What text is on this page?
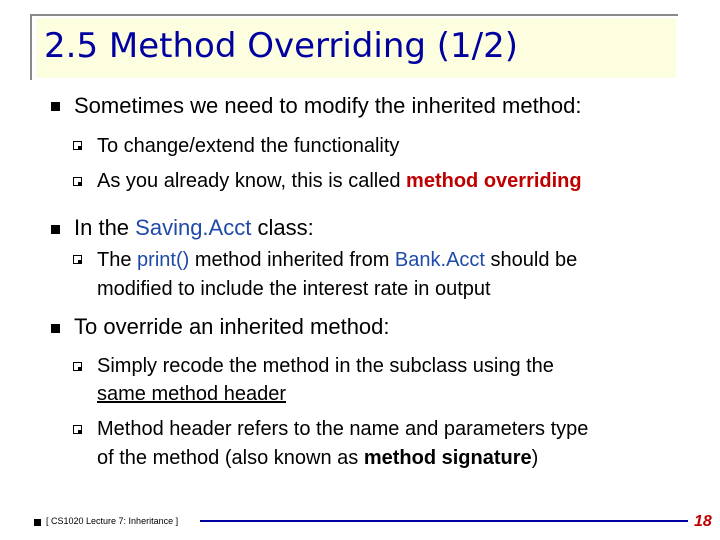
2.5 Method Overriding (1/2)
Sometimes we need to modify the inherited method:
To change/extend the functionality
As you already know, this is called method overriding
In the Saving.Acct class:
The print() method inherited from Bank.Acct should be
modified to include the interest rate in output
To override an inherited method:
Simply recode the method in the subclass using the
same method header
Method header refers to the name and parameters type
of the method (also known as method signature)
[ CS1020 Lecture 7: Inheritance ]	18
